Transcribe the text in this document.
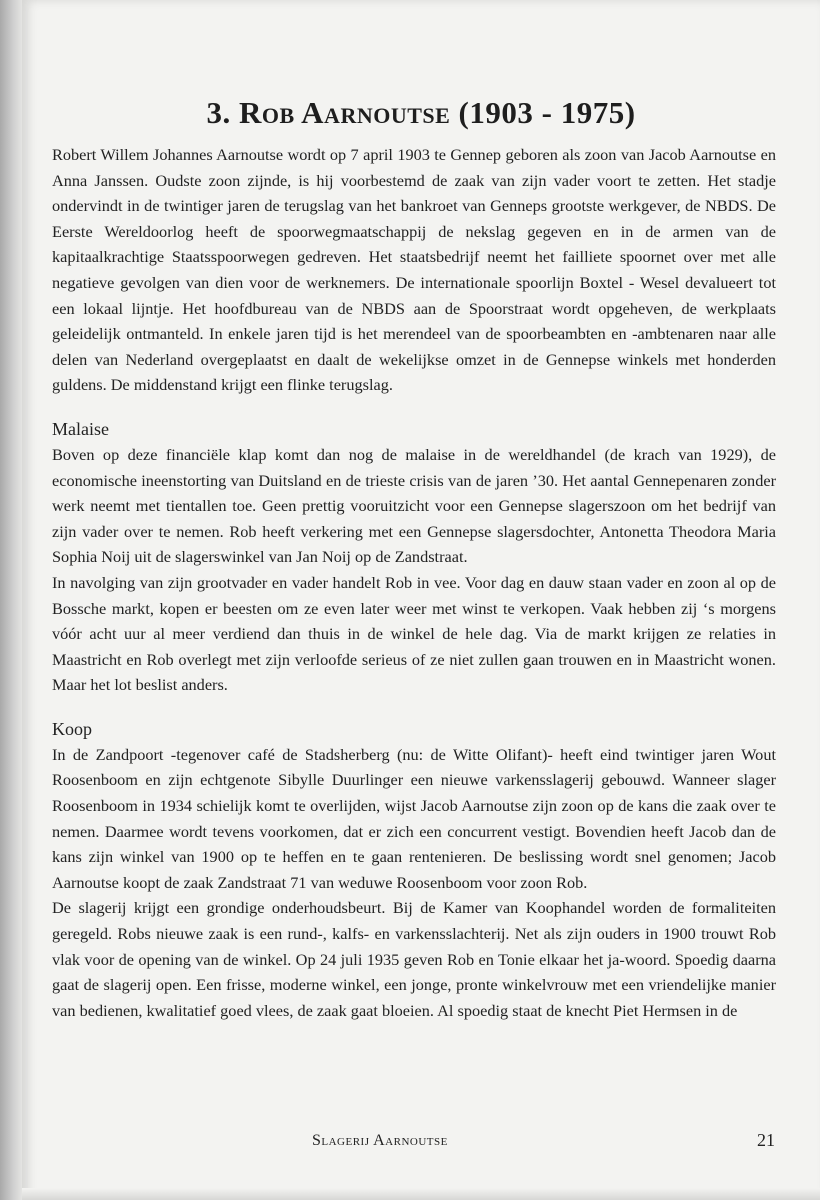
3. Rob Aarnoutse (1903 - 1975)

Robert Willem Johannes Aarnoutse wordt op 7 april 1903 te Gennep geboren als zoon van Jacob Aarnoutse en Anna Janssen. Oudste zoon zijnde, is hij voorbestemd de zaak van zijn vader voort te zetten. Het stadje ondervindt in de twintiger jaren de terugslag van het bankroet van Genneps grootste werkgever, de NBDS. De Eerste Wereldoorlog heeft de spoorwegmaatschappij de nekslag gegeven en in de armen van de kapitaalkrachtige Staatsspoorwegen gedreven. Het staatsbedrijf neemt het failliete spoornet over met alle negatieve gevolgen van dien voor de werknemers. De internationale spoorlijn Boxtel - Wesel devalueert tot een lokaal lijntje. Het hoofdbureau van de NBDS aan de Spoorstraat wordt opgeheven, de werkplaats geleidelijk ontmanteld. In enkele jaren tijd is het merendeel van de spoorbeambten en -ambtenaren naar alle delen van Nederland overgeplaatst en daalt de wekelijkse omzet in de Gennepse winkels met honderden guldens. De middenstand krijgt een flinke terugslag.

Malaise

Boven op deze financiële klap komt dan nog de malaise in de wereldhandel (de krach van 1929), de economische ineenstorting van Duitsland en de trieste crisis van de jaren ’30. Het aantal Gennepenaren zonder werk neemt met tientallen toe. Geen prettig vooruitzicht voor een Gennepse slagerszoon om het bedrijf van zijn vader over te nemen. Rob heeft verkering met een Gennepse slagersdochter, Antonetta Theodora Maria Sophia Noij uit de slagerswinkel van Jan Noij op de Zandstraat.

In navolging van zijn grootvader en vader handelt Rob in vee. Voor dag en dauw staan vader en zoon al op de Bossche markt, kopen er beesten om ze even later weer met winst te verkopen. Vaak hebben zij ‘s morgens vóór acht uur al meer verdiend dan thuis in de winkel de hele dag. Via de markt krijgen ze relaties in Maastricht en Rob overlegt met zijn verloofde serieus of ze niet zullen gaan trouwen en in Maastricht wonen. Maar het lot beslist anders.

Koop

In de Zandpoort -tegenover café de Stadsherberg (nu: de Witte Olifant)- heeft eind twintiger jaren Wout Roosenboom en zijn echtgenote Sibylle Duurlinger een nieuwe varkensslagerij gebouwd. Wanneer slager Roosenboom in 1934 schielijk komt te overlijden, wijst Jacob Aarnoutse zijn zoon op de kans die zaak over te nemen. Daarmee wordt tevens voorkomen, dat er zich een concurrent vestigt. Bovendien heeft Jacob dan de kans zijn winkel van 1900 op te heffen en te gaan rentenieren. De beslissing wordt snel genomen; Jacob Aarnoutse koopt de zaak Zandstraat 71 van weduwe Roosenboom voor zoon Rob.

De slagerij krijgt een grondige onderhoudsbeurt. Bij de Kamer van Koophandel worden de formaliteiten geregeld. Robs nieuwe zaak is een rund-, kalfs- en varkensslachterij. Net als zijn ouders in 1900 trouwt Rob vlak voor de opening van de winkel. Op 24 juli 1935 geven Rob en Tonie elkaar het ja-woord. Spoedig daarna gaat de slagerij open. Een frisse, moderne winkel, een jonge, pronte winkelvrouw met een vriendelijke manier van bedienen, kwalitatief goed vlees, de zaak gaat bloeien. Al spoedig staat de knecht Piet Hermsen in de

Slagerij Aarnoutse	21
